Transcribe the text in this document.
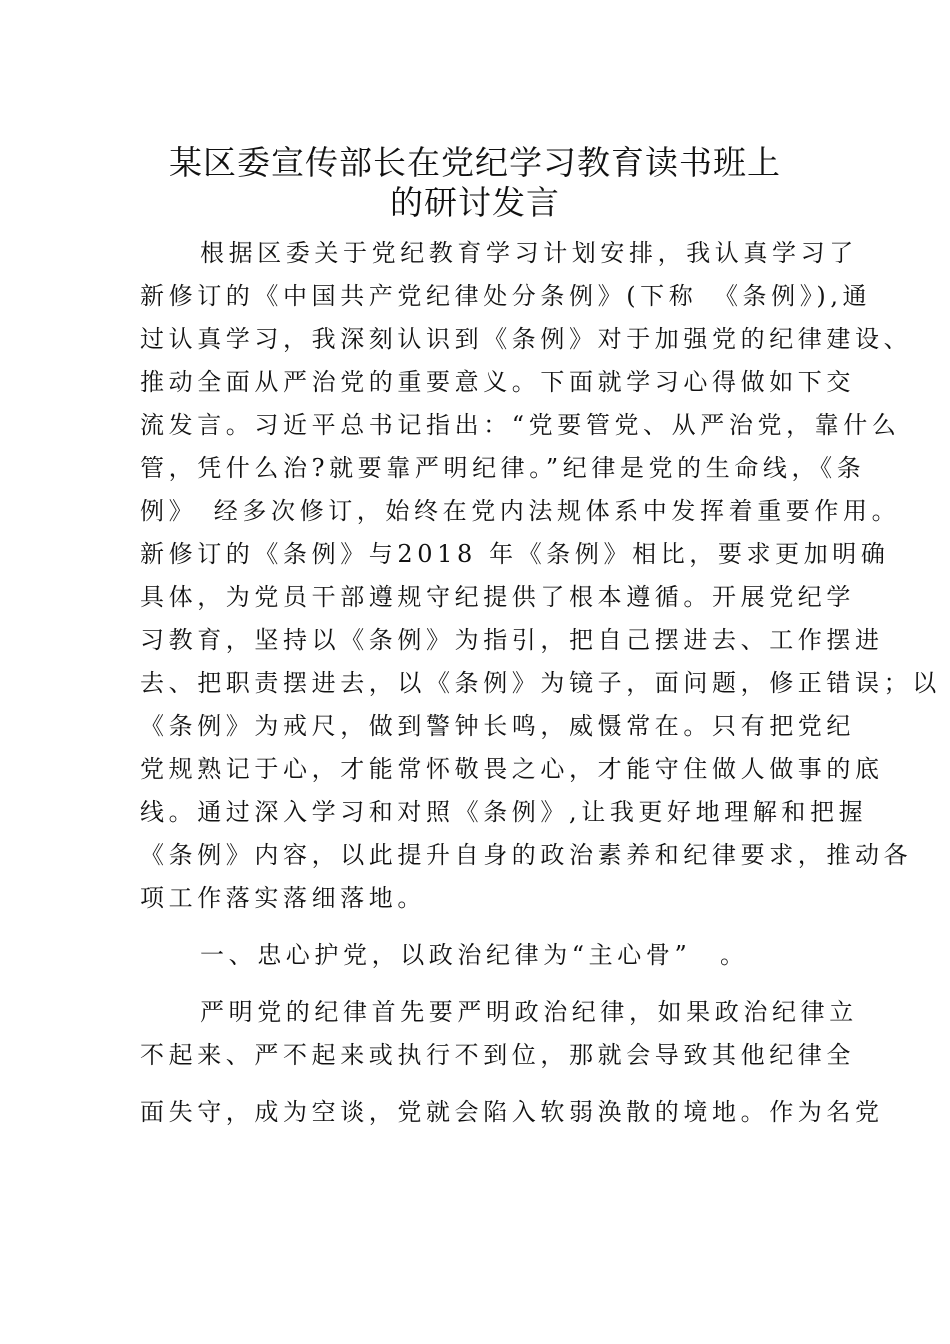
某区委宣传部长在党纪学习教育读书班上
的研讨发言
根据区委关于党纪教育学习计划安排，我认真学习了
新修订的《中国共产党纪律处分条例》(下称　《条例》),通
过认真学习，我深刻认识到《条例》对于加强党的纪律建设、
推动全面从严治党的重要意义。下面就学习心得做如下交
流发言。习近平总书记指出：“党要管党、从严治党，靠什么
管，凭什么治?就要靠严明纪律。”纪律是党的生命线，《条
例》　经多次修订，始终在党内法规体系中发挥着重要作用。
新修订的《条例》与2018 年《条例》相比，要求更加明确
具体，为党员干部遵规守纪提供了根本遵循。开展党纪学
习教育，坚持以《条例》为指引，把自己摆进去、工作摆进
去、把职责摆进去，以《条例》为镜子，面问题，修正错误；以
《条例》为戒尺，做到警钟长鸣，威慑常在。只有把党纪
党规熟记于心，才能常怀敬畏之心，才能守住做人做事的底
线。通过深入学习和对照《条例》,让我更好地理解和把握
《条例》内容，以此提升自身的政治素养和纪律要求，推动各
项工作落实落细落地。
一、忠心护党，以政治纪律为“主心骨”　。
严明党的纪律首先要严明政治纪律，如果政治纪律立
不起来、严不起来或执行不到位，那就会导致其他纪律全
面失守，成为空谈，党就会陷入软弱涣散的境地。作为名党
